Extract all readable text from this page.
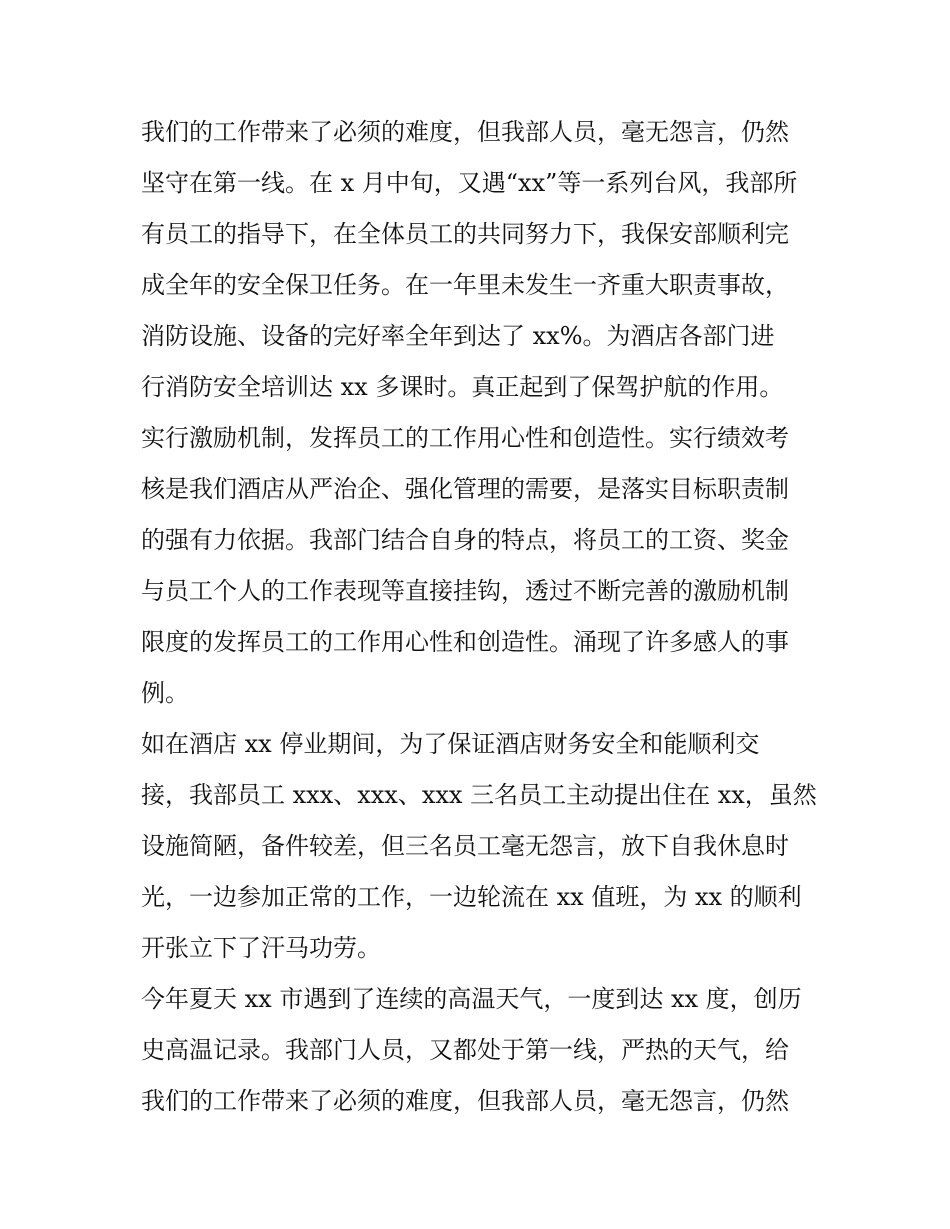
我们的工作带来了必须的难度，但我部人员，毫无怨言，仍然
坚守在第一线。在 x 月中旬，又遇“xx”等一系列台风，我部所
有员工的指导下，在全体员工的共同努力下，我保安部顺利完
成全年的安全保卫任务。在一年里未发生一齐重大职责事故，
消防设施、设备的完好率全年到达了 xx%。为酒店各部门进
行消防安全培训达 xx 多课时。真正起到了保驾护航的作用。
实行激励机制，发挥员工的工作用心性和创造性。实行绩效考
核是我们酒店从严治企、强化管理的需要，是落实目标职责制
的强有力依据。我部门结合自身的特点，将员工的工资、奖金
与员工个人的工作表现等直接挂钩，透过不断完善的激励机制
限度的发挥员工的工作用心性和创造性。涌现了许多感人的事
例。
如在酒店 xx 停业期间，为了保证酒店财务安全和能顺利交
接，我部员工 xxx、xxx、xxx 三名员工主动提出住在 xx，虽然
设施简陋，备件较差，但三名员工毫无怨言，放下自我休息时
光，一边参加正常的工作，一边轮流在 xx 值班，为 xx 的顺利
开张立下了汗马功劳。
今年夏天 xx 市遇到了连续的高温天气，一度到达 xx 度，创历
史高温记录。我部门人员，又都处于第一线，严热的天气，给
我们的工作带来了必须的难度，但我部人员，毫无怨言，仍然
